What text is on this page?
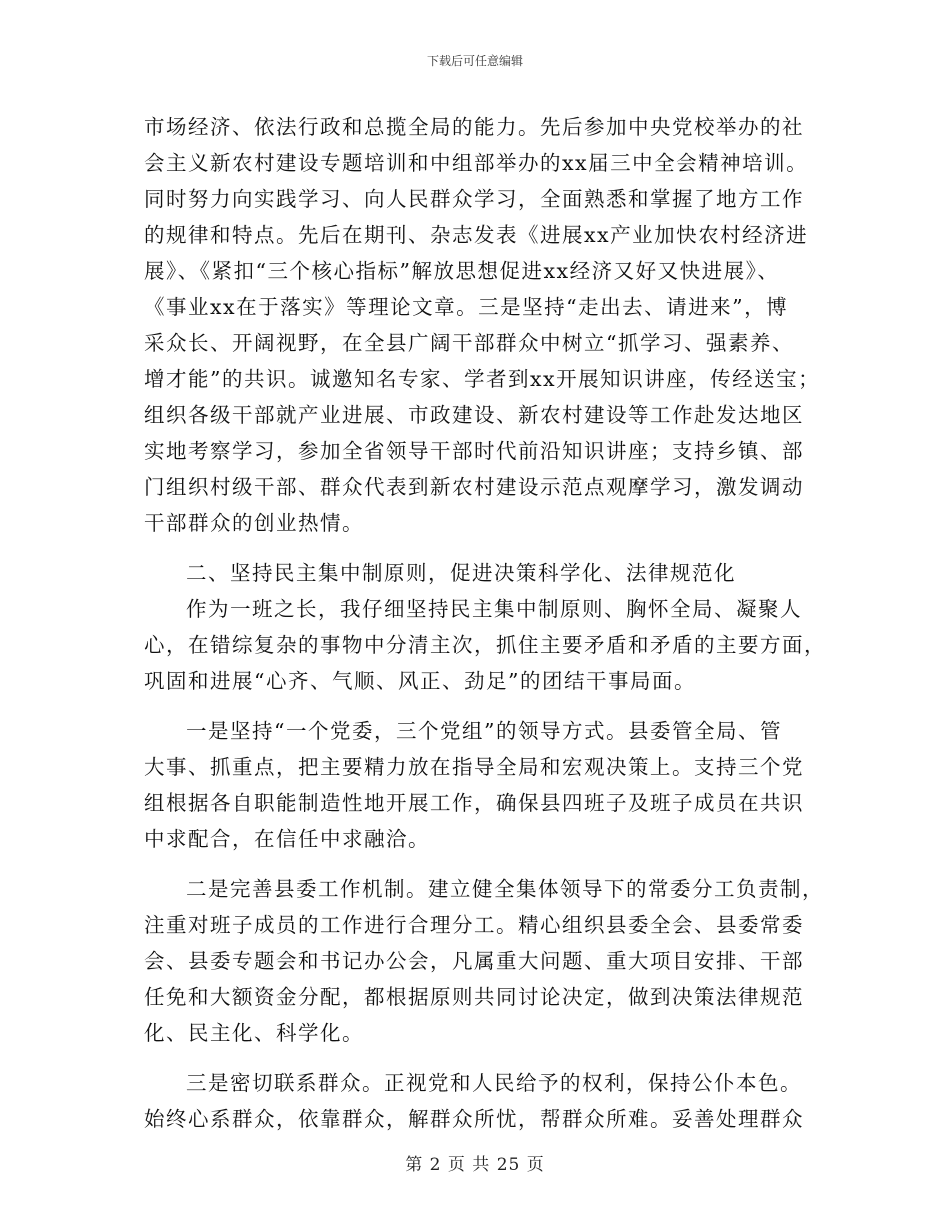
下载后可任意编辑
市场经济、依法行政和总揽全局的能力。先后参加中央党校举办的社
会主义新农村建设专题培训和中组部举办的xx届三中全会精神培训。
同时努力向实践学习、向人民群众学习，全面熟悉和掌握了地方工作
的规律和特点。先后在期刊、杂志发表《进展xx产业加快农村经济进
展》、《紧扣“三个核心指标”解放思想促进xx经济又好又快进展》、
《事业xx在于落实》等理论文章。三是坚持“走出去、请进来”，博
采众长、开阔视野，在全县广阔干部群众中树立“抓学习、强素养、
增才能”的共识。诚邀知名专家、学者到xx开展知识讲座，传经送宝；
组织各级干部就产业进展、市政建设、新农村建设等工作赴发达地区
实地考察学习，参加全省领导干部时代前沿知识讲座；支持乡镇、部
门组织村级干部、群众代表到新农村建设示范点观摩学习，激发调动
干部群众的创业热情。
二、坚持民主集中制原则，促进决策科学化、法律规范化
作为一班之长，我仔细坚持民主集中制原则、胸怀全局、凝聚人
心，在错综复杂的事物中分清主次，抓住主要矛盾和矛盾的主要方面，
巩固和进展“心齐、气顺、风正、劲足”的团结干事局面。
一是坚持“一个党委，三个党组”的领导方式。县委管全局、管
大事、抓重点，把主要精力放在指导全局和宏观决策上。支持三个党
组根据各自职能制造性地开展工作，确保县四班子及班子成员在共识
中求配合，在信任中求融洽。
二是完善县委工作机制。建立健全集体领导下的常委分工负责制，
注重对班子成员的工作进行合理分工。精心组织县委全会、县委常委
会、县委专题会和书记办公会，凡属重大问题、重大项目安排、干部
任免和大额资金分配，都根据原则共同讨论决定，做到决策法律规范
化、民主化、科学化。
三是密切联系群众。正视党和人民给予的权利，保持公仆本色。
始终心系群众，依靠群众，解群众所忧，帮群众所难。妥善处理群众
第 2 页 共 25 页
